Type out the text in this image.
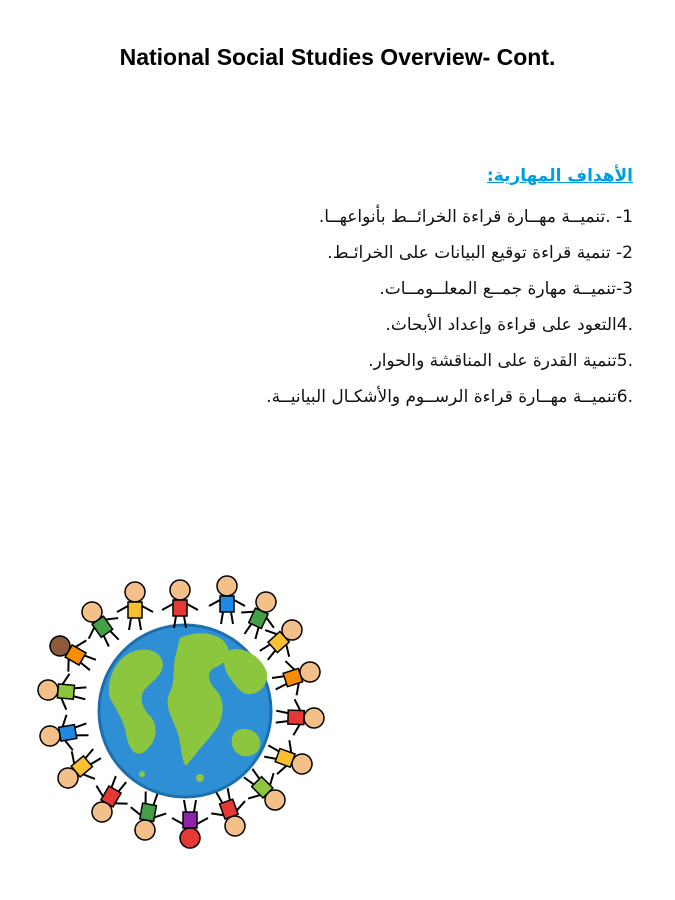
National Social Studies Overview- Cont.
الأهداف المهارية:
1- .تنميــة مهــارة قراءة الخرائــط بأنواعهــا.
2- تنمية قراءة توقيع البيانات على الخرائـط.
3-تنميــة مهارة جمــع المعلــومــات.
.4التعود على قراءة وإعداد الأبحاث.
.5تنمية القدرة على المناقشة والحوار.
.6تنميــة مهــارة قراءة الرســوم والأشكـال البيانيــة.
